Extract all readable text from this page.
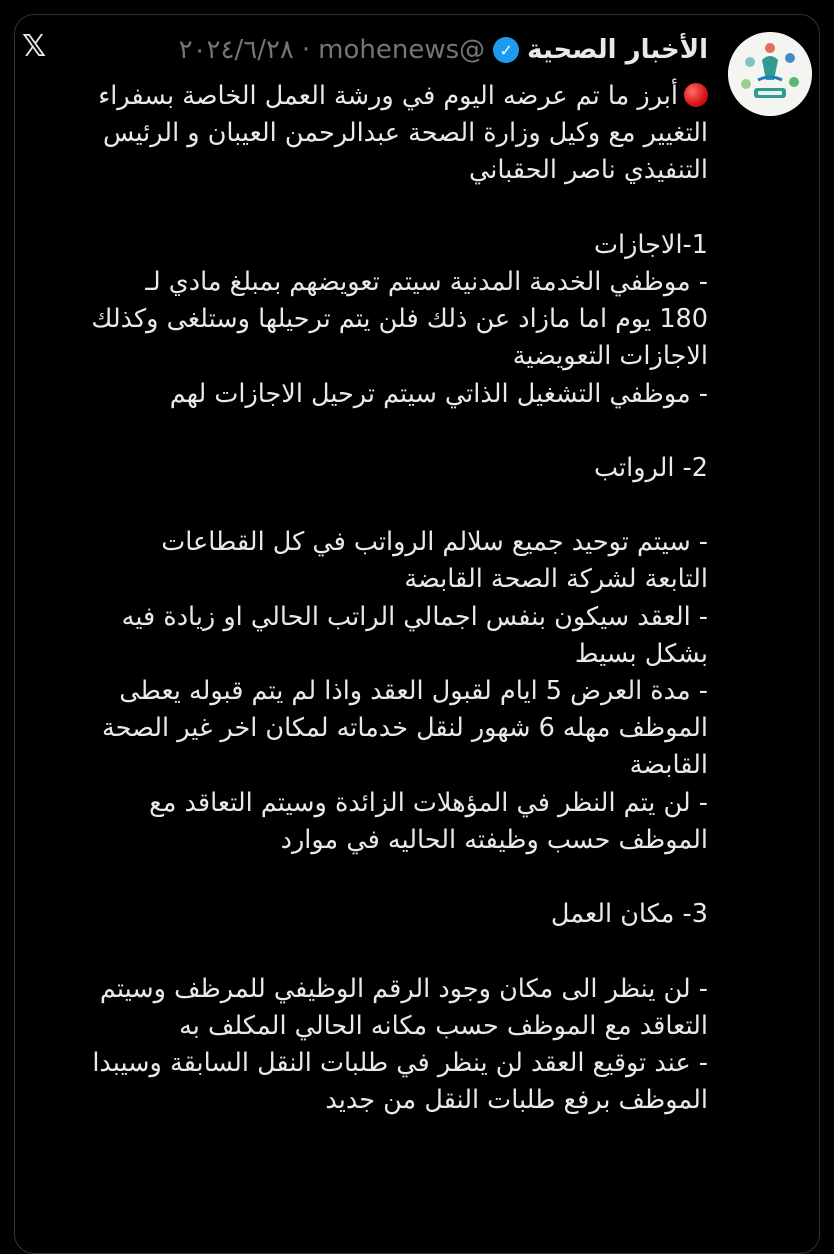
𝕏	الأخبار الصحية
✓
@mohenews
·
٢٠٢٤/٦/٢٨
أبرز ما تم عرضه اليوم في ورشة العمل الخاصة بسفراء
التغيير مع وكيل وزارة الصحة عبدالرحمن العيبان و الرئيس
التنفيذي ناصر الحقباني
1-الاجازات
- موظفي الخدمة المدنية سيتم تعويضهم بمبلغ مادي لـ
180 يوم اما مازاد عن ذلك فلن يتم ترحيلها وستلغى وكذلك
الاجازات التعويضية
- موظفي التشغيل الذاتي سيتم ترحيل الاجازات لهم
2- الرواتب
- سيتم توحيد جميع سلالم الرواتب في كل القطاعات
التابعة لشركة الصحة القابضة
- العقد سيكون بنفس اجمالي الراتب الحالي او زيادة فيه
بشكل بسيط
- مدة العرض 5 ايام لقبول العقد واذا لم يتم قبوله يعطى
الموظف مهله 6 شهور لنقل خدماته لمكان اخر غير الصحة
القابضة
- لن يتم النظر في المؤهلات الزائدة وسيتم التعاقد مع
الموظف حسب وظيفته الحاليه في موارد
3- مكان العمل
- لن ينظر الى مكان وجود الرقم الوظيفي للمرظف وسيتم
التعاقد مع الموظف حسب مكانه الحالي المكلف به
- عند توقيع العقد لن ينظر في طلبات النقل السابقة وسيبدا
الموظف برفع طلبات النقل من جديد
